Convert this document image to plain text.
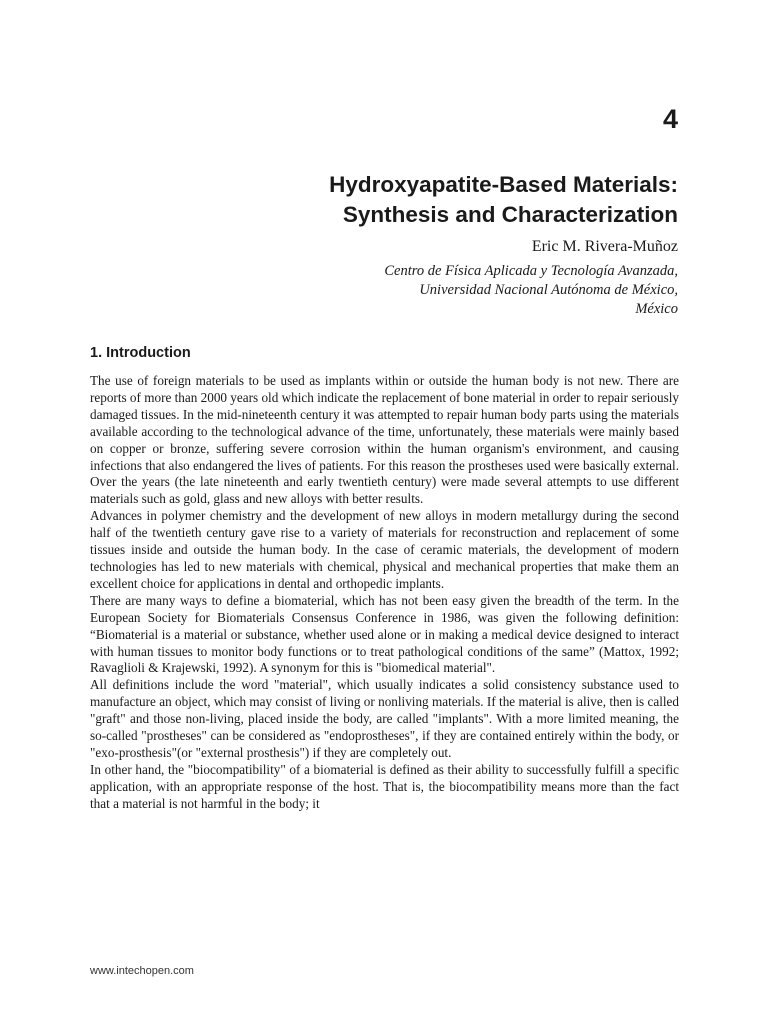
4
Hydroxyapatite-Based Materials:
Synthesis and Characterization

Eric M. Rivera-Muñoz

Centro de Física Aplicada y Tecnología Avanzada,
Universidad Nacional Autónoma de México,
México

1. Introduction

The use of foreign materials to be used as implants within or outside the human body is not new. There are reports of more than 2000 years old which indicate the replacement of bone material in order to repair seriously damaged tissues. In the mid-nineteenth century it was attempted to repair human body parts using the materials available according to the technological advance of the time, unfortunately, these materials were mainly based on copper or bronze, suffering severe corrosion within the human organism's environment, and causing infections that also endangered the lives of patients. For this reason the prostheses used were basically external. Over the years (the late nineteenth and early twentieth century) were made several attempts to use different materials such as gold, glass and new alloys with better results.

Advances in polymer chemistry and the development of new alloys in modern metallurgy during the second half of the twentieth century gave rise to a variety of materials for reconstruction and replacement of some tissues inside and outside the human body. In the case of ceramic materials, the development of modern technologies has led to new materials with chemical, physical and mechanical properties that make them an excellent choice for applications in dental and orthopedic implants.

There are many ways to define a biomaterial, which has not been easy given the breadth of the term. In the European Society for Biomaterials Consensus Conference in 1986, was given the following definition: “Biomaterial is a material or substance, whether used alone or in making a medical device designed to interact with human tissues to monitor body functions or to treat pathological conditions of the same” (Mattox, 1992; Ravaglioli & Krajewski, 1992). A synonym for this is "biomedical material".

All definitions include the word "material", which usually indicates a solid consistency substance used to manufacture an object, which may consist of living or nonliving materials. If the material is alive, then is called "graft" and those non-living, placed inside the body, are called "implants". With a more limited meaning, the so-called "prostheses" can be considered as "endoprostheses", if they are contained entirely within the body, or "exo-prosthesis"(or "external prosthesis") if they are completely out.

In other hand, the "biocompatibility" of a biomaterial is defined as their ability to successfully fulfill a specific application, with an appropriate response of the host. That is, the biocompatibility means more than the fact that a material is not harmful in the body; it

www.intechopen.com
